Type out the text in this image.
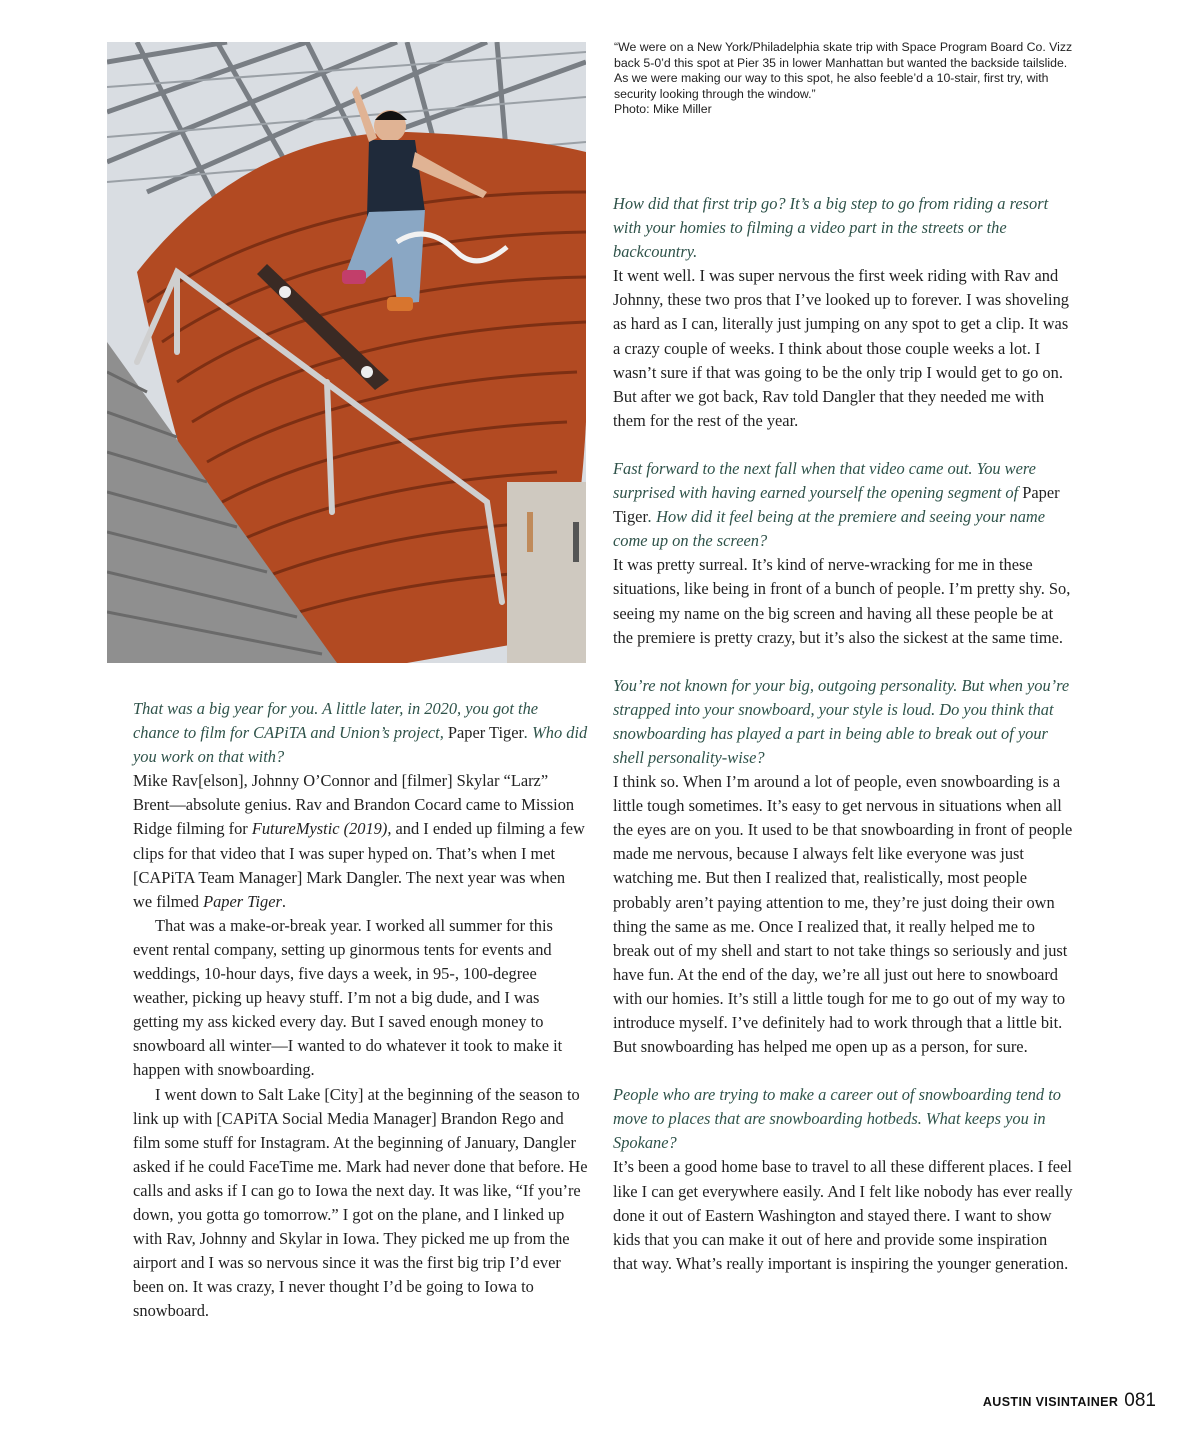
“We were on a New York/Philadelphia skate trip with Space Program Board Co. Vizz back 5-0’d this spot at Pier 35 in lower Manhattan but wanted the backside tailslide. As we were making our way to this spot, he also feeble’d a 10-stair, first try, with security looking through the window.”

Photo: Mike Miller

That was a big year for you. A little later, in 2020, you got the chance to film for CAPiTA and Union’s project, Paper Tiger. Who did you work on that with?

Mike Rav[elson], Johnny O’Connor and [filmer] Skylar “Larz” Brent—absolute genius. Rav and Brandon Cocard came to Mission Ridge filming for FutureMystic (2019), and I ended up filming a few clips for that video that I was super hyped on. That’s when I met [CAPiTA Team Manager] Mark Dangler. The next year was when we filmed Paper Tiger.

That was a make-or-break year. I worked all summer for this event rental company, setting up ginormous tents for events and weddings, 10-hour days, five days a week, in 95-, 100-degree weather, picking up heavy stuff. I’m not a big dude, and I was getting my ass kicked every day. But I saved enough money to snowboard all winter—I wanted to do whatever it took to make it happen with snowboarding.

I went down to Salt Lake [City] at the beginning of the season to link up with [CAPiTA Social Media Manager] Brandon Rego and film some stuff for Instagram. At the beginning of January, Dangler asked if he could FaceTime me. Mark had never done that before. He calls and asks if I can go to Iowa the next day. It was like, “If you’re down, you gotta go tomorrow.” I got on the plane, and I linked up with Rav, Johnny and Skylar in Iowa. They picked me up from the airport and I was so nervous since it was the first big trip I’d ever been on. It was crazy, I never thought I’d be going to Iowa to snowboard.

How did that first trip go? It’s a big step to go from riding a resort with your homies to filming a video part in the streets or the backcountry.

It went well. I was super nervous the first week riding with Rav and Johnny, these two pros that I’ve looked up to forever. I was shoveling as hard as I can, literally just jumping on any spot to get a clip. It was a crazy couple of weeks. I think about those couple weeks a lot. I wasn’t sure if that was going to be the only trip I would get to go on. But after we got back, Rav told Dangler that they needed me with them for the rest of the year.

Fast forward to the next fall when that video came out. You were surprised with having earned yourself the opening segment of Paper Tiger. How did it feel being at the premiere and seeing your name come up on the screen?

It was pretty surreal. It’s kind of nerve-wracking for me in these situations, like being in front of a bunch of people. I’m pretty shy. So, seeing my name on the big screen and having all these people be at the premiere is pretty crazy, but it’s also the sickest at the same time.

You’re not known for your big, outgoing personality. But when you’re strapped into your snowboard, your style is loud. Do you think that snowboarding has played a part in being able to break out of your shell personality-wise?

I think so. When I’m around a lot of people, even snowboarding is a little tough sometimes. It’s easy to get nervous in situations when all the eyes are on you. It used to be that snowboarding in front of people made me nervous, because I always felt like everyone was just watching me. But then I realized that, realistically, most people probably aren’t paying attention to me, they’re just doing their own thing the same as me. Once I realized that, it really helped me to break out of my shell and start to not take things so seriously and just have fun. At the end of the day, we’re all just out here to snowboard with our homies. It’s still a little tough for me to go out of my way to introduce myself. I’ve definitely had to work through that a little bit. But snowboarding has helped me open up as a person, for sure.

People who are trying to make a career out of snowboarding tend to move to places that are snowboarding hotbeds. What keeps you in Spokane?

It’s been a good home base to travel to all these different places. I feel like I can get everywhere easily. And I felt like nobody has ever really done it out of Eastern Washington and stayed there. I want to show kids that you can make it out of here and provide some inspiration that way. What’s really important is inspiring the younger generation.

AUSTIN VISINTAINER 081
